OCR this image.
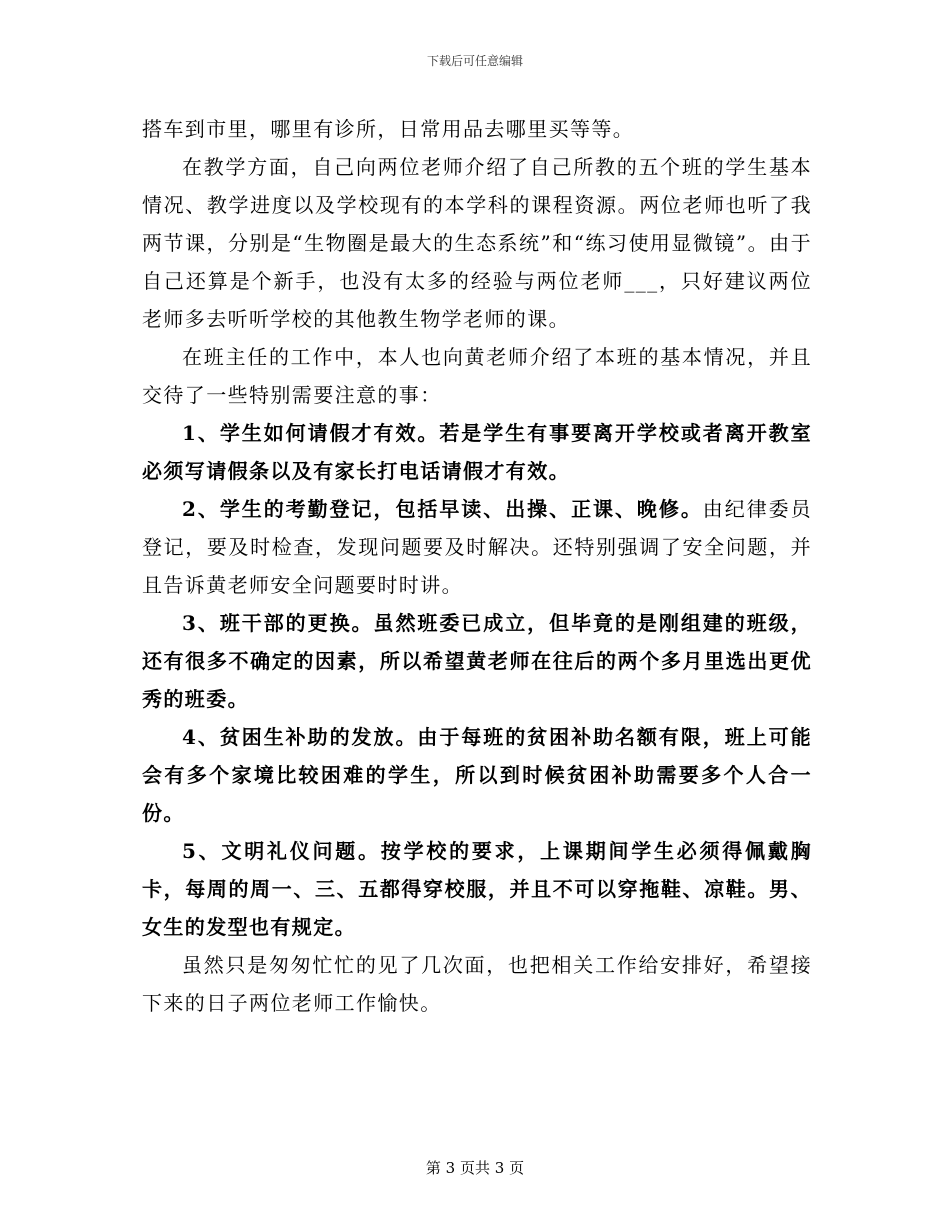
下载后可任意编辑

搭车到市里，哪里有诊所，日常用品去哪里买等等。

在教学方面，自己向两位老师介绍了自己所教的五个班的学生基本情况、教学进度以及学校现有的本学科的课程资源。两位老师也听了我两节课，分别是“生物圈是最大的生态系统”和“练习使用显微镜”。由于自己还算是个新手，也没有太多的经验与两位老师___，只好建议两位老师多去听听学校的其他教生物学老师的课。

在班主任的工作中，本人也向黄老师介绍了本班的基本情况，并且交待了一些特别需要注意的事：

1、学生如何请假才有效。若是学生有事要离开学校或者离开教室必须写请假条以及有家长打电话请假才有效。

2、学生的考勤登记，包括早读、出操、正课、晚修。由纪律委员登记，要及时检查，发现问题要及时解决。还特别强调了安全问题，并且告诉黄老师安全问题要时时讲。

3、班干部的更换。虽然班委已成立，但毕竟的是刚组建的班级，还有很多不确定的因素，所以希望黄老师在往后的两个多月里选出更优秀的班委。

4、贫困生补助的发放。由于每班的贫困补助名额有限，班上可能会有多个家境比较困难的学生，所以到时候贫困补助需要多个人合一份。

5、文明礼仪问题。按学校的要求，上课期间学生必须得佩戴胸卡，每周的周一、三、五都得穿校服，并且不可以穿拖鞋、凉鞋。男、女生的发型也有规定。

虽然只是匆匆忙忙的见了几次面，也把相关工作给安排好，希望接下来的日子两位老师工作愉快。

第 3 页共 3 页
